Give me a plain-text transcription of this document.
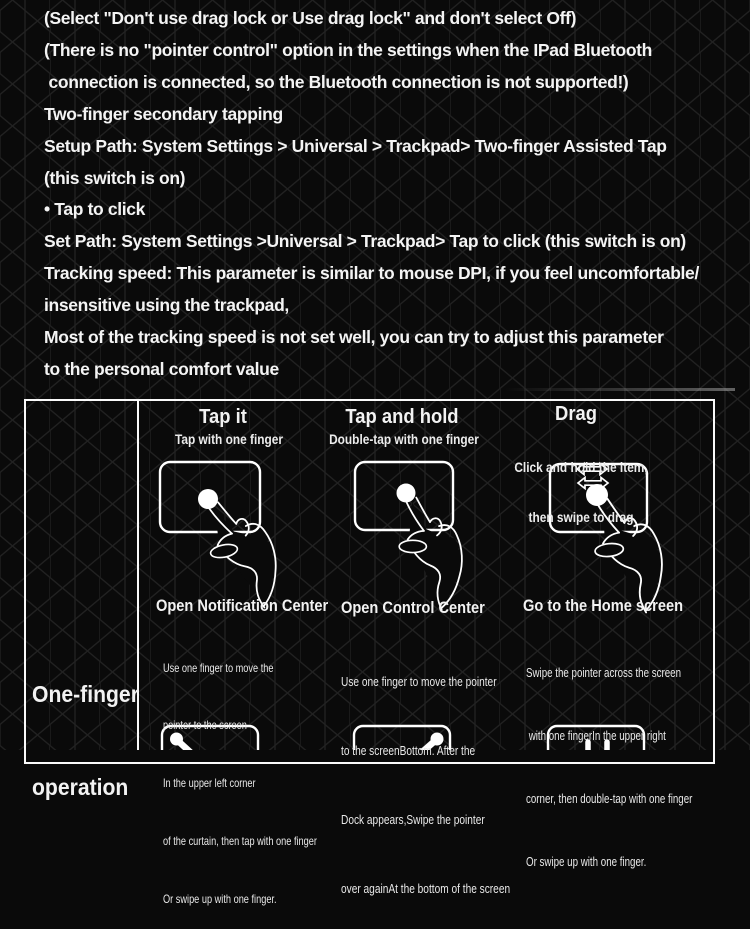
(Select "Don't use drag lock or Use drag lock" and don't select Off)
(There is no "pointer control" option in the settings when the IPad Bluetooth
connection is connected, so the Bluetooth connection is not supported!)
Two-finger secondary tapping
Setup Path: System Settings > Universal > Trackpad> Two-finger Assisted Tap
(this switch is on)
• Tap to click
Set Path: System Settings >Universal > Trackpad> Tap to click (this switch is on)
Tracking speed: This parameter is similar to mouse DPI, if you feel uncomfortable/
insensitive using the trackpad,
Most of the tracking speed is not set well, you can try to adjust this parameter
to the personal comfort value
Tap it
Tap with one finger
Tap and hold
Double-tap with one finger
Drag

Click and hold the item,

then swipe to drag

One-finger

operation

Open Notification Center

Use one finger to move the

pointer to the screen

In the upper left corner

of the curtain, then tap with one finger

Or swipe up with one finger.

Open Control Center

Use one finger to move the pointer

to the screenBottom. After the

Dock appears,Swipe the pointer

over againAt the bottom of the screen

Go to the Home screen

Swipe the pointer across the screen

with one fingerIn the upper right

corner, then double-tap with one finger

Or swipe up with one finger.
